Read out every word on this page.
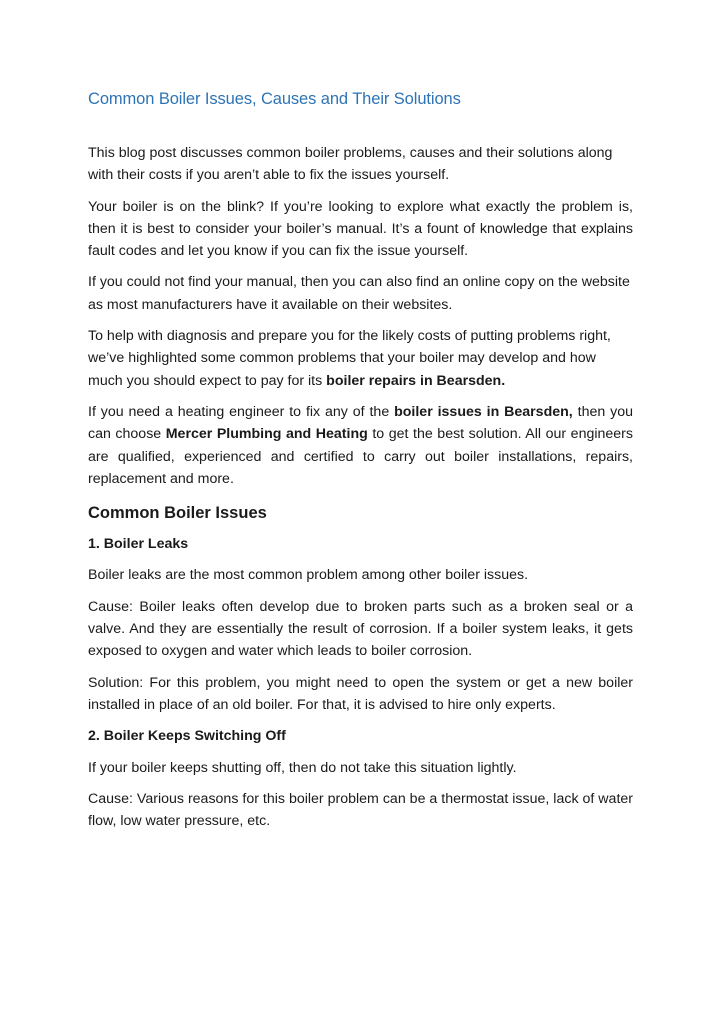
Common Boiler Issues, Causes and Their Solutions

This blog post discusses common boiler problems, causes and their solutions along with their costs if you aren’t able to fix the issues yourself.

Your boiler is on the blink? If you’re looking to explore what exactly the problem is, then it is best to consider your boiler’s manual. It’s a fount of knowledge that explains fault codes and let you know if you can fix the issue yourself.

If you could not find your manual, then you can also find an online copy on the website as most manufacturers have it available on their websites.

To help with diagnosis and prepare you for the likely costs of putting problems right, we’ve highlighted some common problems that your boiler may develop and how much you should expect to pay for its boiler repairs in Bearsden.

If you need a heating engineer to fix any of the boiler issues in Bearsden, then you can choose Mercer Plumbing and Heating to get the best solution. All our engineers are qualified, experienced and certified to carry out boiler installations, repairs, replacement and more.

Common Boiler Issues
1. Boiler Leaks

Boiler leaks are the most common problem among other boiler issues.

Cause: Boiler leaks often develop due to broken parts such as a broken seal or a valve. And they are essentially the result of corrosion. If a boiler system leaks, it gets exposed to oxygen and water which leads to boiler corrosion.

Solution: For this problem, you might need to open the system or get a new boiler installed in place of an old boiler. For that, it is advised to hire only experts.

2. Boiler Keeps Switching Off

If your boiler keeps shutting off, then do not take this situation lightly.

Cause: Various reasons for this boiler problem can be a thermostat issue, lack of water flow, low water pressure, etc.
